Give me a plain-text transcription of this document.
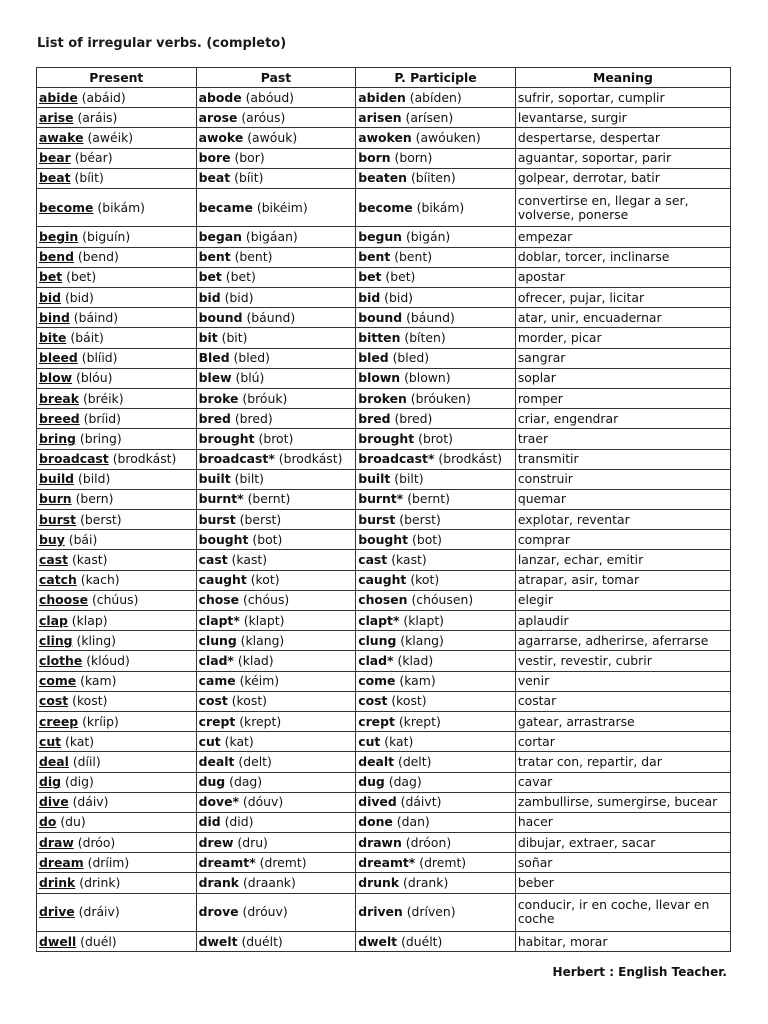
List of irregular verbs. (completo)
Present	Past	P. Participle	Meaning
abide (abáid)	abode (abóud)	abiden (abíden)	sufrir, soportar, cumplir
arise (aráis)	arose (aróus)	arisen (arísen)	levantarse, surgir
awake (awéik)	awoke (awóuk)	awoken (awóuken)	despertarse, despertar
bear (béar)	bore (bor)	born (born)	aguantar, soportar, parir
beat (bíit)	beat (bíit)	beaten (bíiten)	golpear, derrotar, batir
become (bikám)	became (bikéim)	become (bikám)	convertirse en, llegar a ser, volverse, ponerse
begin (biguín)	began (bigáan)	begun (bigán)	empezar
bend (bend)	bent (bent)	bent (bent)	doblar, torcer, inclinarse
bet (bet)	bet (bet)	bet (bet)	apostar
bid (bid)	bid (bid)	bid (bid)	ofrecer, pujar, licitar
bind (báind)	bound (báund)	bound (báund)	atar, unir, encuadernar
bite (báit)	bit (bit)	bitten (bíten)	morder, picar
bleed (blíid)	Bled (bled)	bled (bled)	sangrar
blow (blóu)	blew (blú)	blown (blown)	soplar
break (bréik)	broke (bróuk)	broken (bróuken)	romper
breed (bríid)	bred (bred)	bred (bred)	criar, engendrar
bring (bring)	brought (brot)	brought (brot)	traer
broadcast (brodkást)	broadcast* (brodkást)	broadcast* (brodkást)	transmitir
build (bild)	built (bilt)	built (bilt)	construir
burn (bern)	burnt* (bernt)	burnt* (bernt)	quemar
burst (berst)	burst (berst)	burst (berst)	explotar, reventar
buy (bái)	bought (bot)	bought (bot)	comprar
cast (kast)	cast (kast)	cast (kast)	lanzar, echar, emitir
catch (kach)	caught (kot)	caught (kot)	atrapar, asir, tomar
choose (chúus)	chose (chóus)	chosen (chóusen)	elegir
clap (klap)	clapt* (klapt)	clapt* (klapt)	aplaudir
cling (kling)	clung (klang)	clung (klang)	agarrarse, adherirse, aferrarse
clothe (klóud)	clad* (klad)	clad* (klad)	vestir, revestir, cubrir
come (kam)	came (kéim)	come (kam)	venir
cost (kost)	cost (kost)	cost (kost)	costar
creep (kríip)	crept (krept)	crept (krept)	gatear, arrastrarse
cut (kat)	cut (kat)	cut (kat)	cortar
deal (díil)	dealt (delt)	dealt (delt)	tratar con, repartir, dar
dig (dig)	dug (dag)	dug (dag)	cavar
dive (dáiv)	dove* (dóuv)	dived (dáivt)	zambullirse, sumergirse, bucear
do (du)	did (did)	done (dan)	hacer
draw (dróo)	drew (dru)	drawn (dróon)	dibujar, extraer, sacar
dream (dríim)	dreamt* (dremt)	dreamt* (dremt)	soñar
drink (drink)	drank (draank)	drunk (drank)	beber
drive (dráiv)	drove (dróuv)	driven (dríven)	conducir, ir en coche, llevar en coche
dwell (duél)	dwelt (duélt)	dwelt (duélt)	habitar, morar
Herbert : English Teacher.
